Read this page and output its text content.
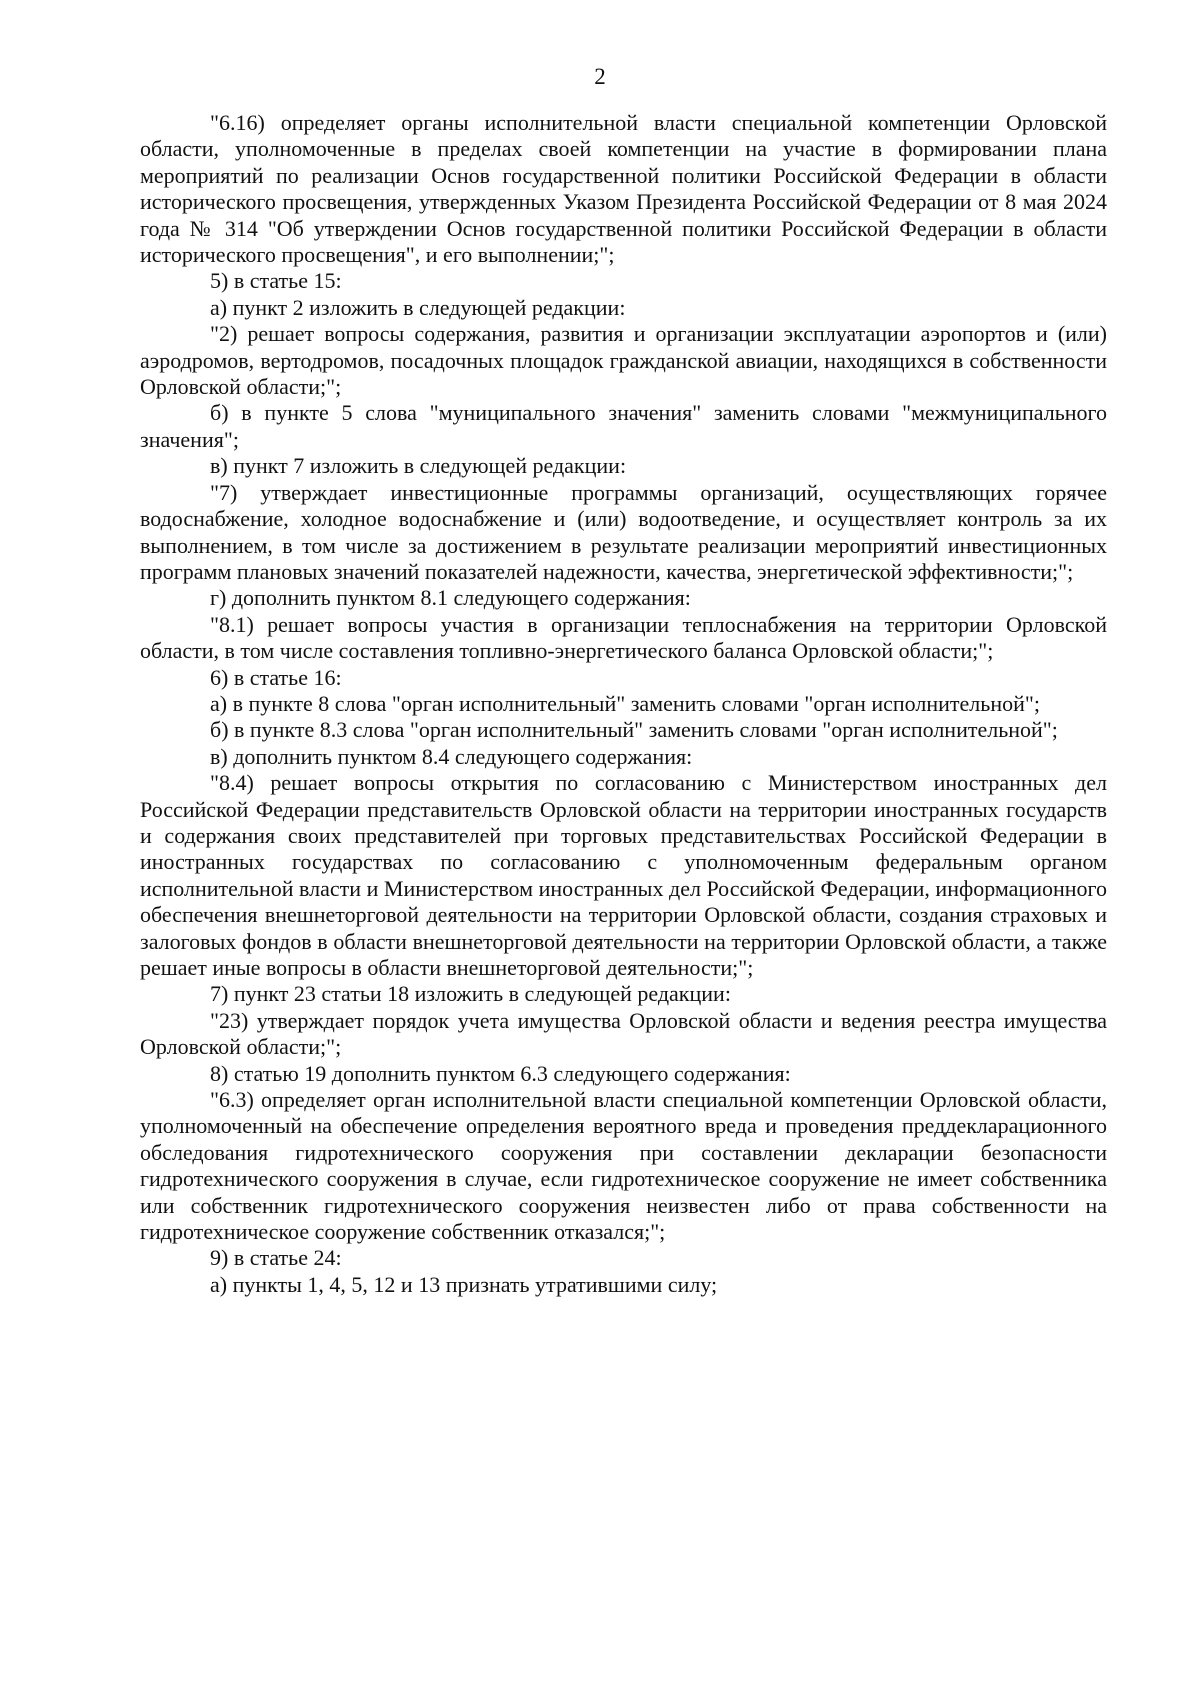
2

"6.16) определяет органы исполнительной власти специальной компетенции Орловской области, уполномоченные в пределах своей компетенции на участие в формировании плана мероприятий по реализации Основ государственной политики Российской Федерации в области исторического просвещения, утвержденных Указом Президента Российской Федерации от 8 мая 2024 года № 314 "Об утверждении Основ государственной политики Российской Федерации в области исторического просвещения", и его выполнении;";

5) в статье 15:

а) пункт 2 изложить в следующей редакции:

"2) решает вопросы содержания, развития и организации эксплуатации аэропортов и (или) аэродромов, вертодромов, посадочных площадок гражданской авиации, находящихся в собственности Орловской области;";

б) в пункте 5 слова "муниципального значения" заменить словами "межмуниципального значения";

в) пункт 7 изложить в следующей редакции:

"7) утверждает инвестиционные программы организаций, осуществляющих горячее водоснабжение, холодное водоснабжение и (или) водоотведение, и осуществляет контроль за их выполнением, в том числе за достижением в результате реализации мероприятий инвестиционных программ плановых значений показателей надежности, качества, энергетической эффективности;";

г) дополнить пунктом 8.1 следующего содержания:

"8.1) решает вопросы участия в организации теплоснабжения на территории Орловской области, в том числе составления топливно-энергетического баланса Орловской области;";

6) в статье 16:

а) в пункте 8 слова "орган исполнительный" заменить словами "орган исполнительной";

б) в пункте 8.3 слова "орган исполнительный" заменить словами "орган исполнительной";

в) дополнить пунктом 8.4 следующего содержания:

"8.4) решает вопросы открытия по согласованию с Министерством иностранных дел Российской Федерации представительств Орловской области на территории иностранных государств и содержания своих представителей при торговых представительствах Российской Федерации в иностранных государствах по согласованию с уполномоченным федеральным органом исполнительной власти и Министерством иностранных дел Российской Федерации, информационного обеспечения внешнеторговой деятельности на территории Орловской области, создания страховых и залоговых фондов в области внешнеторговой деятельности на территории Орловской области, а также решает иные вопросы в области внешнеторговой деятельности;";

7) пункт 23 статьи 18 изложить в следующей редакции:

"23) утверждает порядок учета имущества Орловской области и ведения реестра имущества Орловской области;";

8) статью 19 дополнить пунктом 6.3 следующего содержания:

"6.3) определяет орган исполнительной власти специальной компетенции Орловской области, уполномоченный на обеспечение определения вероятного вреда и проведения преддекларационного обследования гидротехнического сооружения при составлении декларации безопасности гидротехнического сооружения в случае, если гидротехническое сооружение не имеет собственника или собственник гидротехнического сооружения неизвестен либо от права собственности на гидротехническое сооружение собственник отказался;";

9) в статье 24:

а) пункты 1, 4, 5, 12 и 13 признать утратившими силу;
